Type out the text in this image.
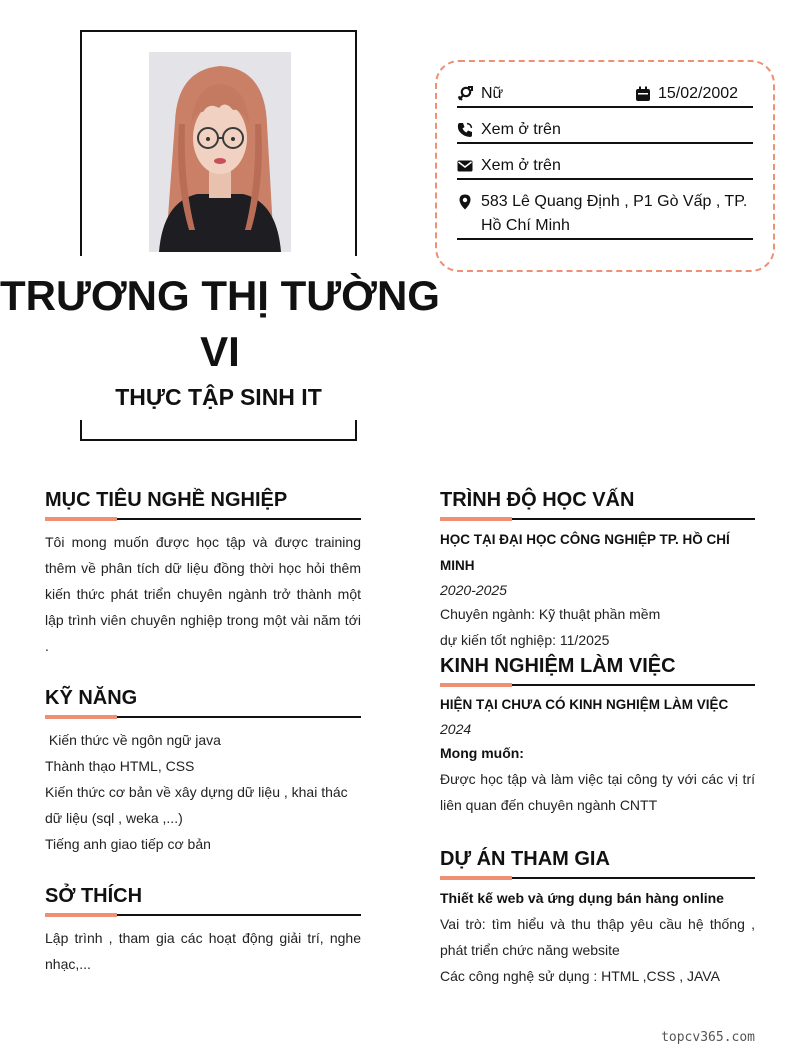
TRƯƠNG THỊ TƯỜNG VI
THỰC TẬP SINH IT
Nữ	15/02/2002
Xem ở trên
Xem ở trên
583 Lê Quang Định , P1 Gò Vấp , TP. Hồ Chí Minh
MỤC TIÊU NGHỀ NGHIỆP
Tôi mong muốn được học tập và được training thêm về phân tích dữ liệu đồng thời học hỏi thêm kiến thức phát triển chuyên ngành trở thành một lập trình viên chuyên nghiệp trong một vài năm tới .
KỸ NĂNG
Kiến thức về ngôn ngữ java
Thành thạo HTML, CSS
Kiến thức cơ bản về xây dựng dữ liệu , khai thác dữ liệu (sql , weka ,...)
Tiếng anh giao tiếp cơ bản
SỞ THÍCH
Lập trình , tham gia các hoạt động giải trí, nghe nhạc,...
TRÌNH ĐỘ HỌC VẤN
HỌC TẠI ĐẠI HỌC CÔNG NGHIỆP TP. HỒ CHÍ MINH
2020-2025
Chuyên ngành: Kỹ thuật phần mềm
dự kiến tốt nghiệp: 11/2025
KINH NGHIỆM LÀM VIỆC
HIỆN TẠI CHƯA CÓ KINH NGHIỆM LÀM VIỆC
2024
Mong muốn:
Được học tập và làm việc tại công ty với các vị trí liên quan đến chuyên ngành CNTT
DỰ ÁN THAM GIA
Thiết kế web và ứng dụng bán hàng online
Vai trò: tìm hiểu và thu thập yêu cầu hệ thống , phát triển chức năng website
Các công nghệ sử dụng : HTML ,CSS , JAVA
topcv365.com
